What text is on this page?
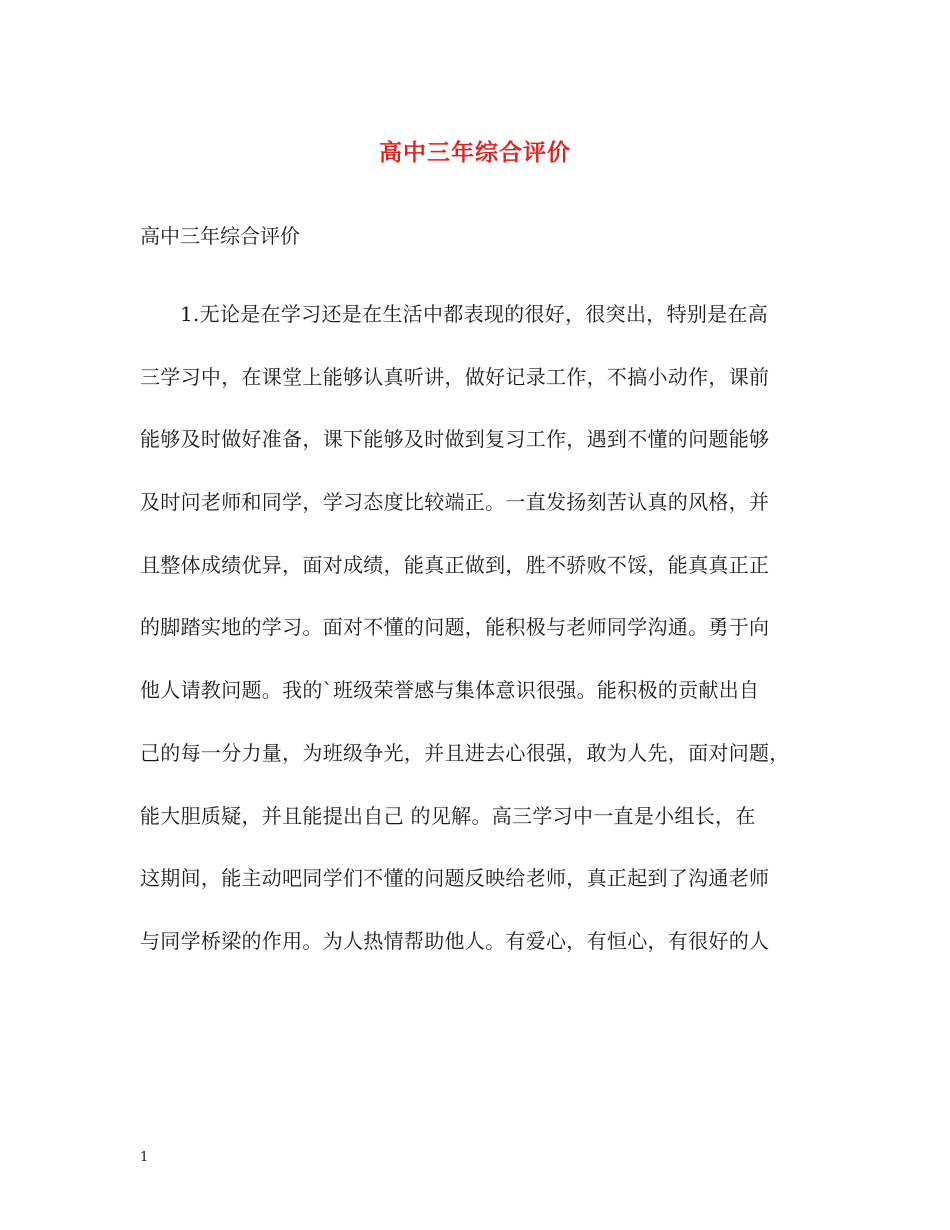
高中三年综合评价
高中三年综合评价
1.无论是在学习还是在生活中都表现的很好，很突出，特别是在高
三学习中，在课堂上能够认真听讲，做好记录工作，不搞小动作，课前
能够及时做好准备，课下能够及时做到复习工作，遇到不懂的问题能够
及时问老师和同学，学习态度比较端正。一直发扬刻苦认真的风格，并
且整体成绩优异，面对成绩，能真正做到，胜不骄败不馁，能真真正正
的脚踏实地的学习。面对不懂的问题，能积极与老师同学沟通。勇于向
他人请教问题。我的`班级荣誉感与集体意识很强。能积极的贡献出自
己的每一分力量，为班级争光，并且进去心很强，敢为人先，面对问题，
能大胆质疑，并且能提出自己 的见解。高三学习中一直是小组长，在
这期间，能主动吧同学们不懂的问题反映给老师，真正起到了沟通老师
与同学桥梁的作用。为人热情帮助他人。有爱心，有恒心，有很好的人
1
